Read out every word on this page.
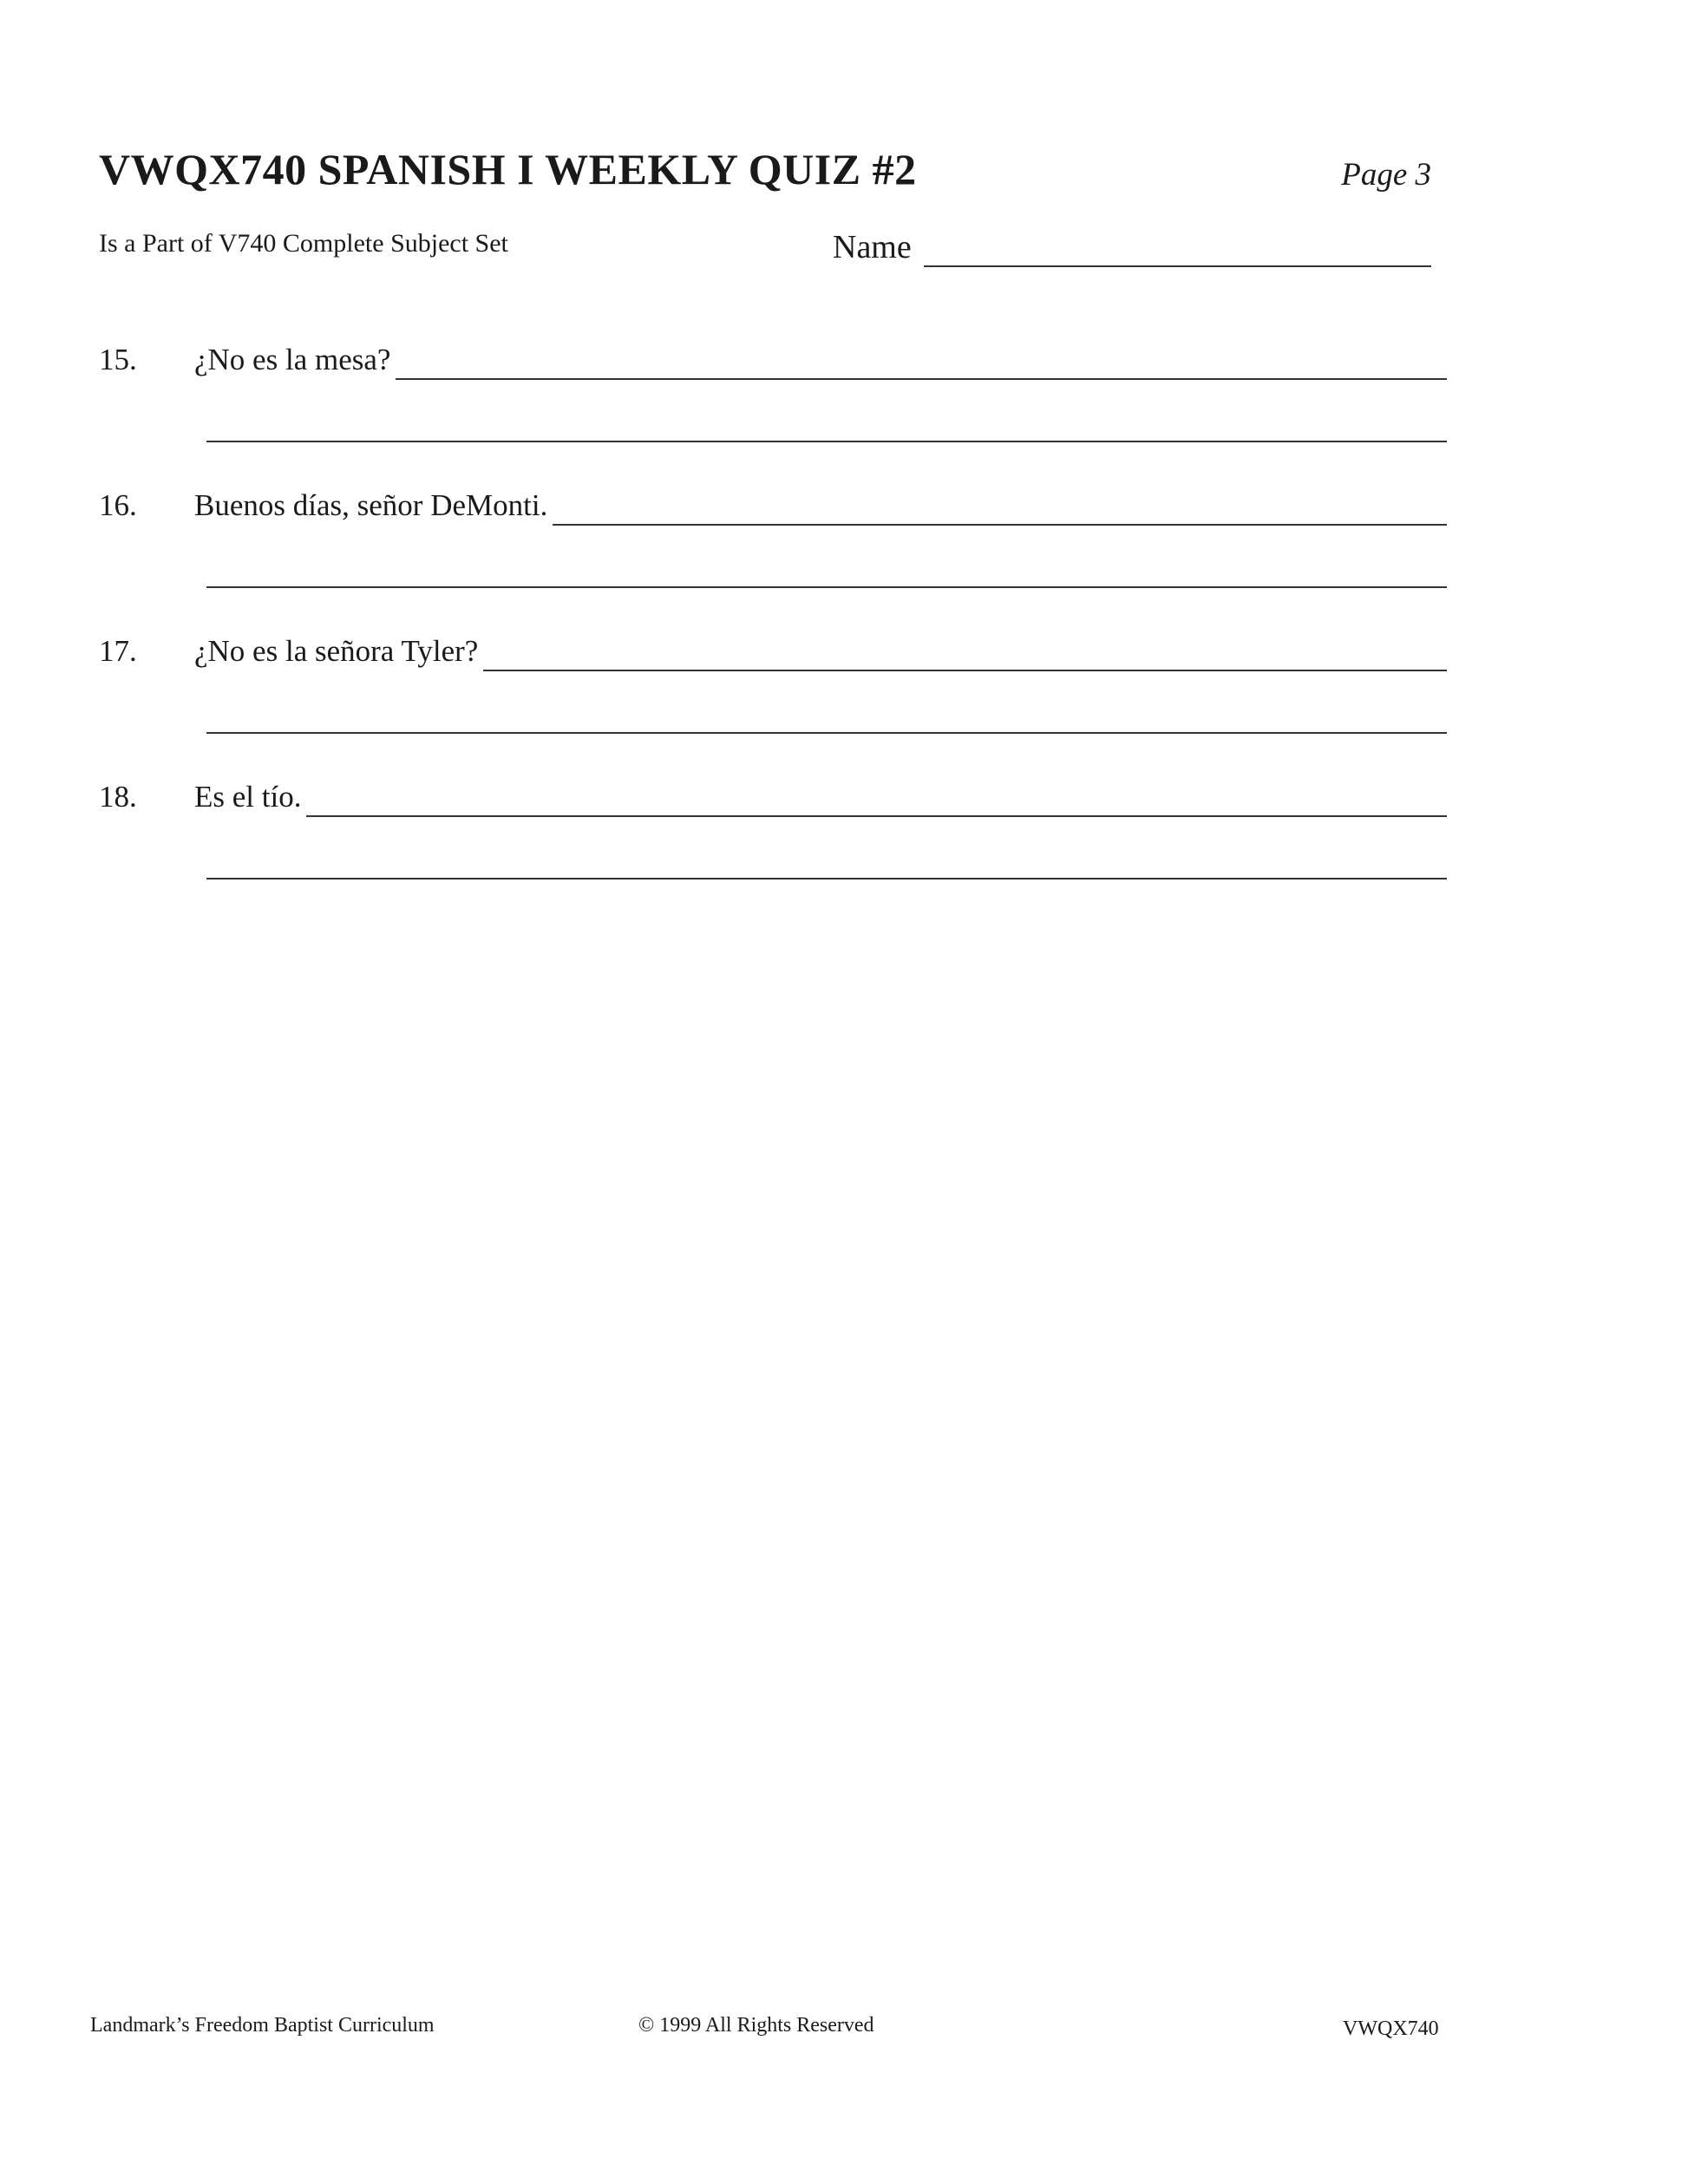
VWQX740 SPANISH I WEEKLY QUIZ #2	Page 3
Is a Part of V740 Complete Subject Set	Name
15.	¿No es la mesa?
16.	Buenos días, señor DeMonti.
17.	¿No es la señora Tyler?
18.	Es el tío.
Landmark’s Freedom Baptist Curriculum	© 1999 All Rights Reserved	VWQX740
